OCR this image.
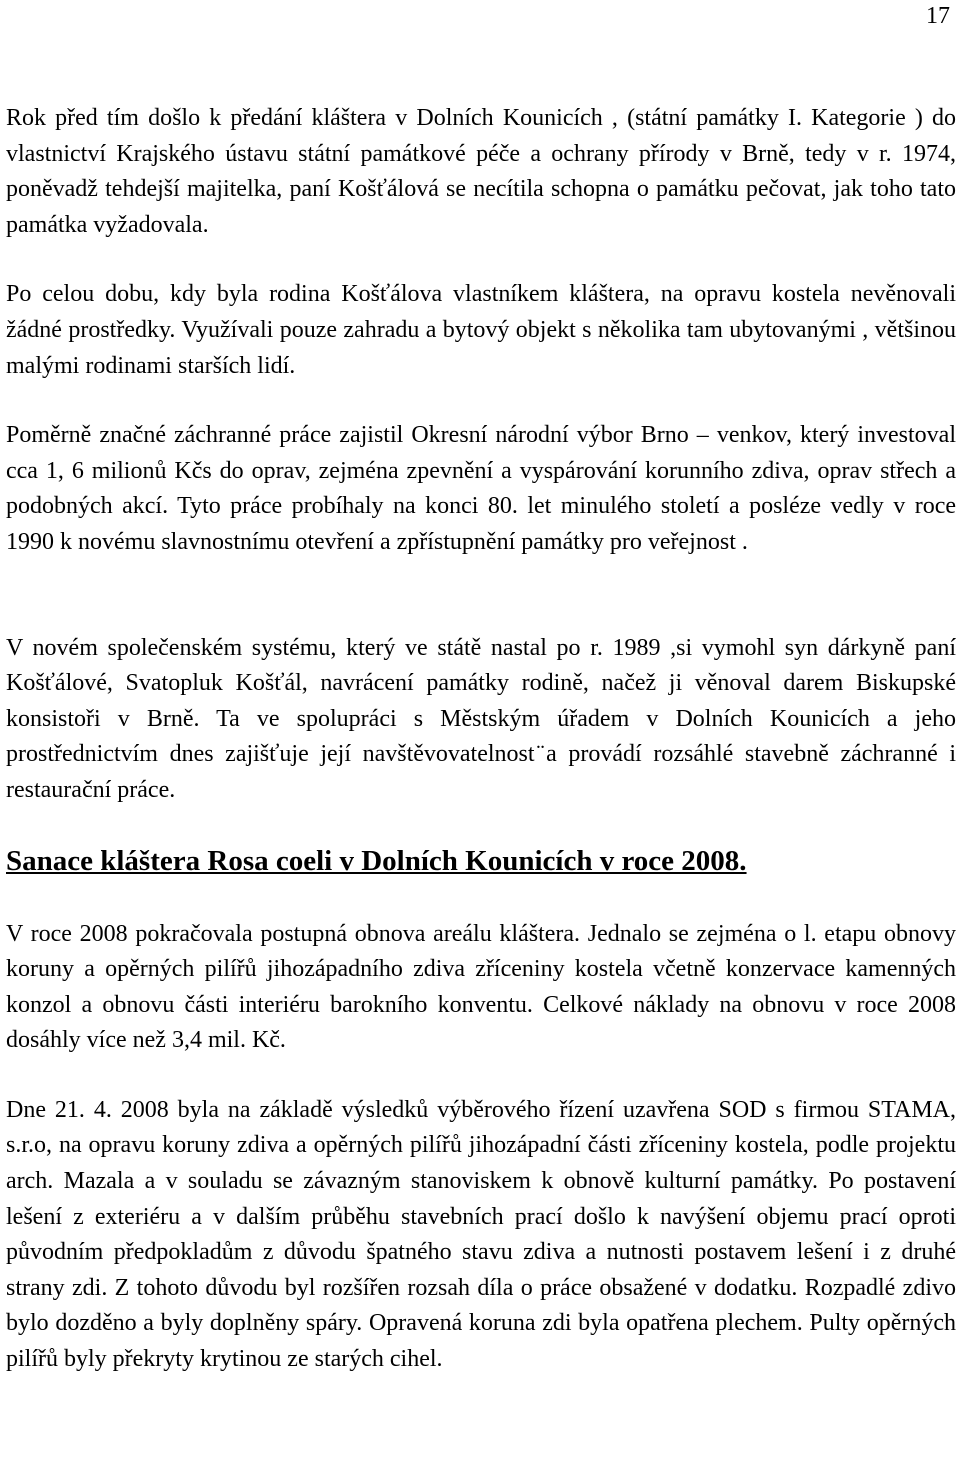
17

Rok před tím došlo k předání kláštera v Dolních Kounicích , (státní památky I. Kategorie ) do vlastnictví Krajského ústavu státní památkové péče a ochrany přírody v Brně, tedy v r. 1974, poněvadž tehdejší majitelka, paní Košťálová se necítila schopna o památku pečovat, jak toho tato památka vyžadovala.

Po celou dobu, kdy byla rodina Košťálova vlastníkem kláštera, na opravu kostela nevěnovali žádné prostředky. Využívali pouze zahradu a bytový objekt s několika tam ubytovanými , většinou malými rodinami starších lidí.

Poměrně značné záchranné práce zajistil Okresní národní výbor Brno – venkov, který investoval cca 1, 6 milionů Kčs do oprav, zejména zpevnění a vyspárování korunního zdiva, oprav střech a podobných akcí. Tyto práce probíhaly na konci 80. let minulého století a posléze vedly v roce 1990 k novému slavnostnímu otevření a zpřístupnění památky pro veřejnost .

V novém společenském systému, který ve státě nastal po r. 1989 ,si vymohl syn dárkyně paní Košťálové, Svatopluk Košťál, navrácení památky rodině, načež ji věnoval darem Biskupské konsistoři v Brně. Ta ve spolupráci s Městským úřadem v Dolních Kounicích a jeho prostřednictvím dnes zajišťuje její navštěvovatelnost ̈a provádí rozsáhlé stavebně záchranné i restaurační práce.

Sanace kláštera Rosa coeli v Dolních Kounicích v roce 2008.

V roce 2008 pokračovala postupná obnova areálu kláštera. Jednalo se zejména o l. etapu obnovy koruny a opěrných pilířů jihozápadního zdiva zříceniny kostela včetně konzervace kamenných konzol a obnovu části interiéru barokního konventu. Celkové náklady na obnovu v roce 2008 dosáhly více než 3,4 mil. Kč.

Dne 21. 4. 2008 byla na základě výsledků výběrového řízení uzavřena SOD s firmou STAMA, s.r.o, na opravu koruny zdiva a opěrných pilířů jihozápadní části zříceniny kostela, podle projektu arch. Mazala a v souladu se závazným stanoviskem k obnově kulturní památky. Po postavení lešení z exteriéru a v dalším průběhu stavebních prací došlo k navýšení objemu prací oproti původním předpokladům z důvodu špatného stavu zdiva a nutnosti postavem lešení i z druhé strany zdi. Z tohoto důvodu byl rozšířen rozsah díla o práce obsažené v dodatku. Rozpadlé zdivo bylo dozděno a byly doplněny spáry. Opravená koruna zdi byla opatřena plechem. Pulty opěrných pilířů byly překryty krytinou ze starých cihel.
